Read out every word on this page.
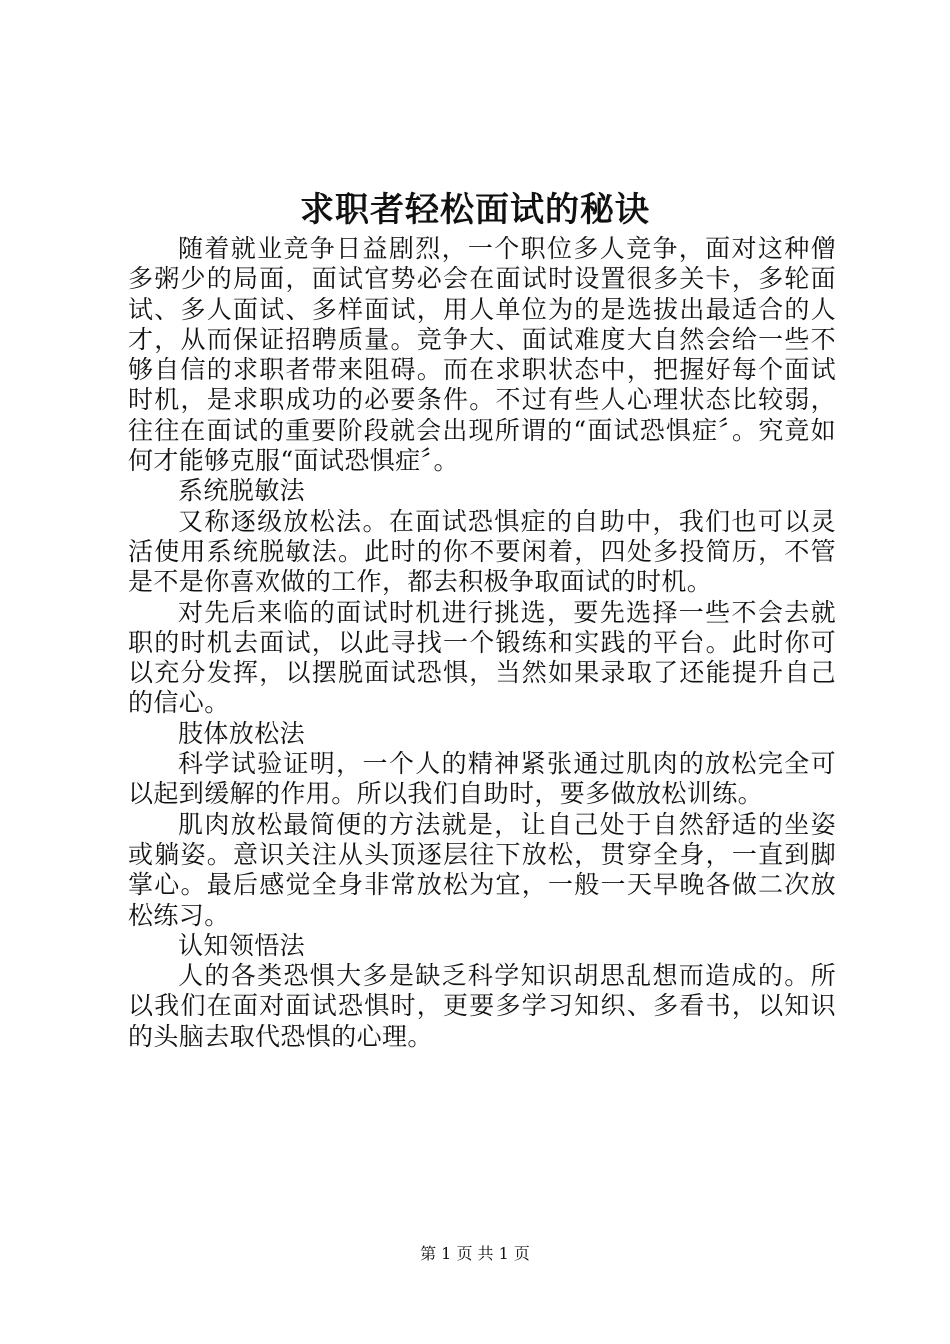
求职者轻松面试的秘诀

随着就业竞争日益剧烈，一个职位多人竞争，面对这种僧多粥少的局面，面试官势必会在面试时设置很多关卡，多轮面试、多人面试、多样面试，用人单位为的是选拔出最适合的人才，从而保证招聘质量。竞争大、面试难度大自然会给一些不够自信的求职者带来阻碍。而在求职状态中，把握好每个面试时机，是求职成功的必要条件。不过有些人心理状态比较弱，往往在面试的重要阶段就会出现所谓的“面试恐惧症〞。究竟如何才能够克服“面试恐惧症〞。

系统脱敏法

又称逐级放松法。在面试恐惧症的自助中，我们也可以灵活使用系统脱敏法。此时的你不要闲着，四处多投简历，不管是不是你喜欢做的工作，都去积极争取面试的时机。

对先后来临的面试时机进行挑选，要先选择一些不会去就职的时机去面试，以此寻找一个锻练和实践的平台。此时你可以充分发挥，以摆脱面试恐惧，当然如果录取了还能提升自己的信心。

肢体放松法

科学试验证明，一个人的精神紧张通过肌肉的放松完全可以起到缓解的作用。所以我们自助时，要多做放松训练。

肌肉放松最简便的方法就是，让自己处于自然舒适的坐姿或躺姿。意识关注从头顶逐层往下放松，贯穿全身，一直到脚掌心。最后感觉全身非常放松为宜，一般一天早晚各做二次放松练习。

认知领悟法

人的各类恐惧大多是缺乏科学知识胡思乱想而造成的。所以我们在面对面试恐惧时，更要多学习知织、多看书，以知识的头脑去取代恐惧的心理。

第 1 页 共 1 页
